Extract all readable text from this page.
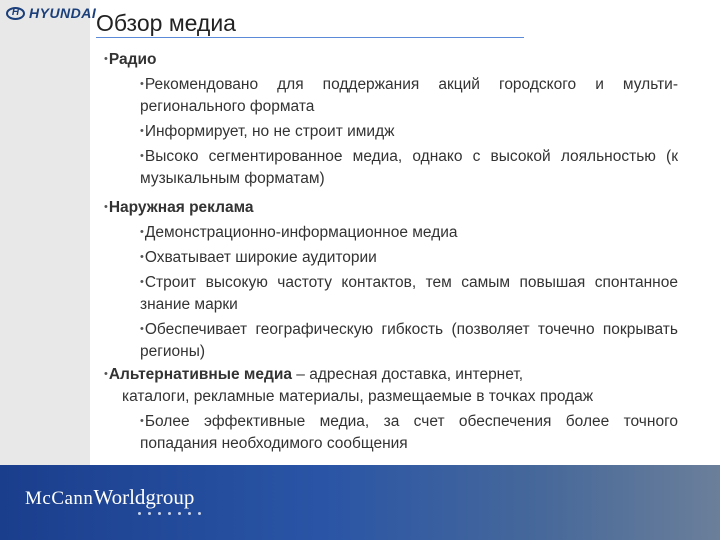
H HYUNDAI Обзор медиа

•Радио

•Рекомендовано для поддержания акций городского и мульти-регионального формата

•Информирует, но не строит имидж

•Высоко сегментированное медиа, однако с высокой лояльностью (к музыкальным форматам)

•Наружная реклама

•Демонстрационно-информационное медиа

•Охватывает широкие аудитории

•Строит высокую частоту контактов, тем самым повышая спонтанное знание марки

•Обеспечивает географическую гибкость (позволяет точечно покрывать регионы)

•Альтернативные медиа – адресная доставка, интернет,

каталоги, рекламные материалы, размещаемые в точках продаж

•Более эффективные медиа, за счет обеспечения более точного попадания необходимого сообщения

McCann Worldgroup
